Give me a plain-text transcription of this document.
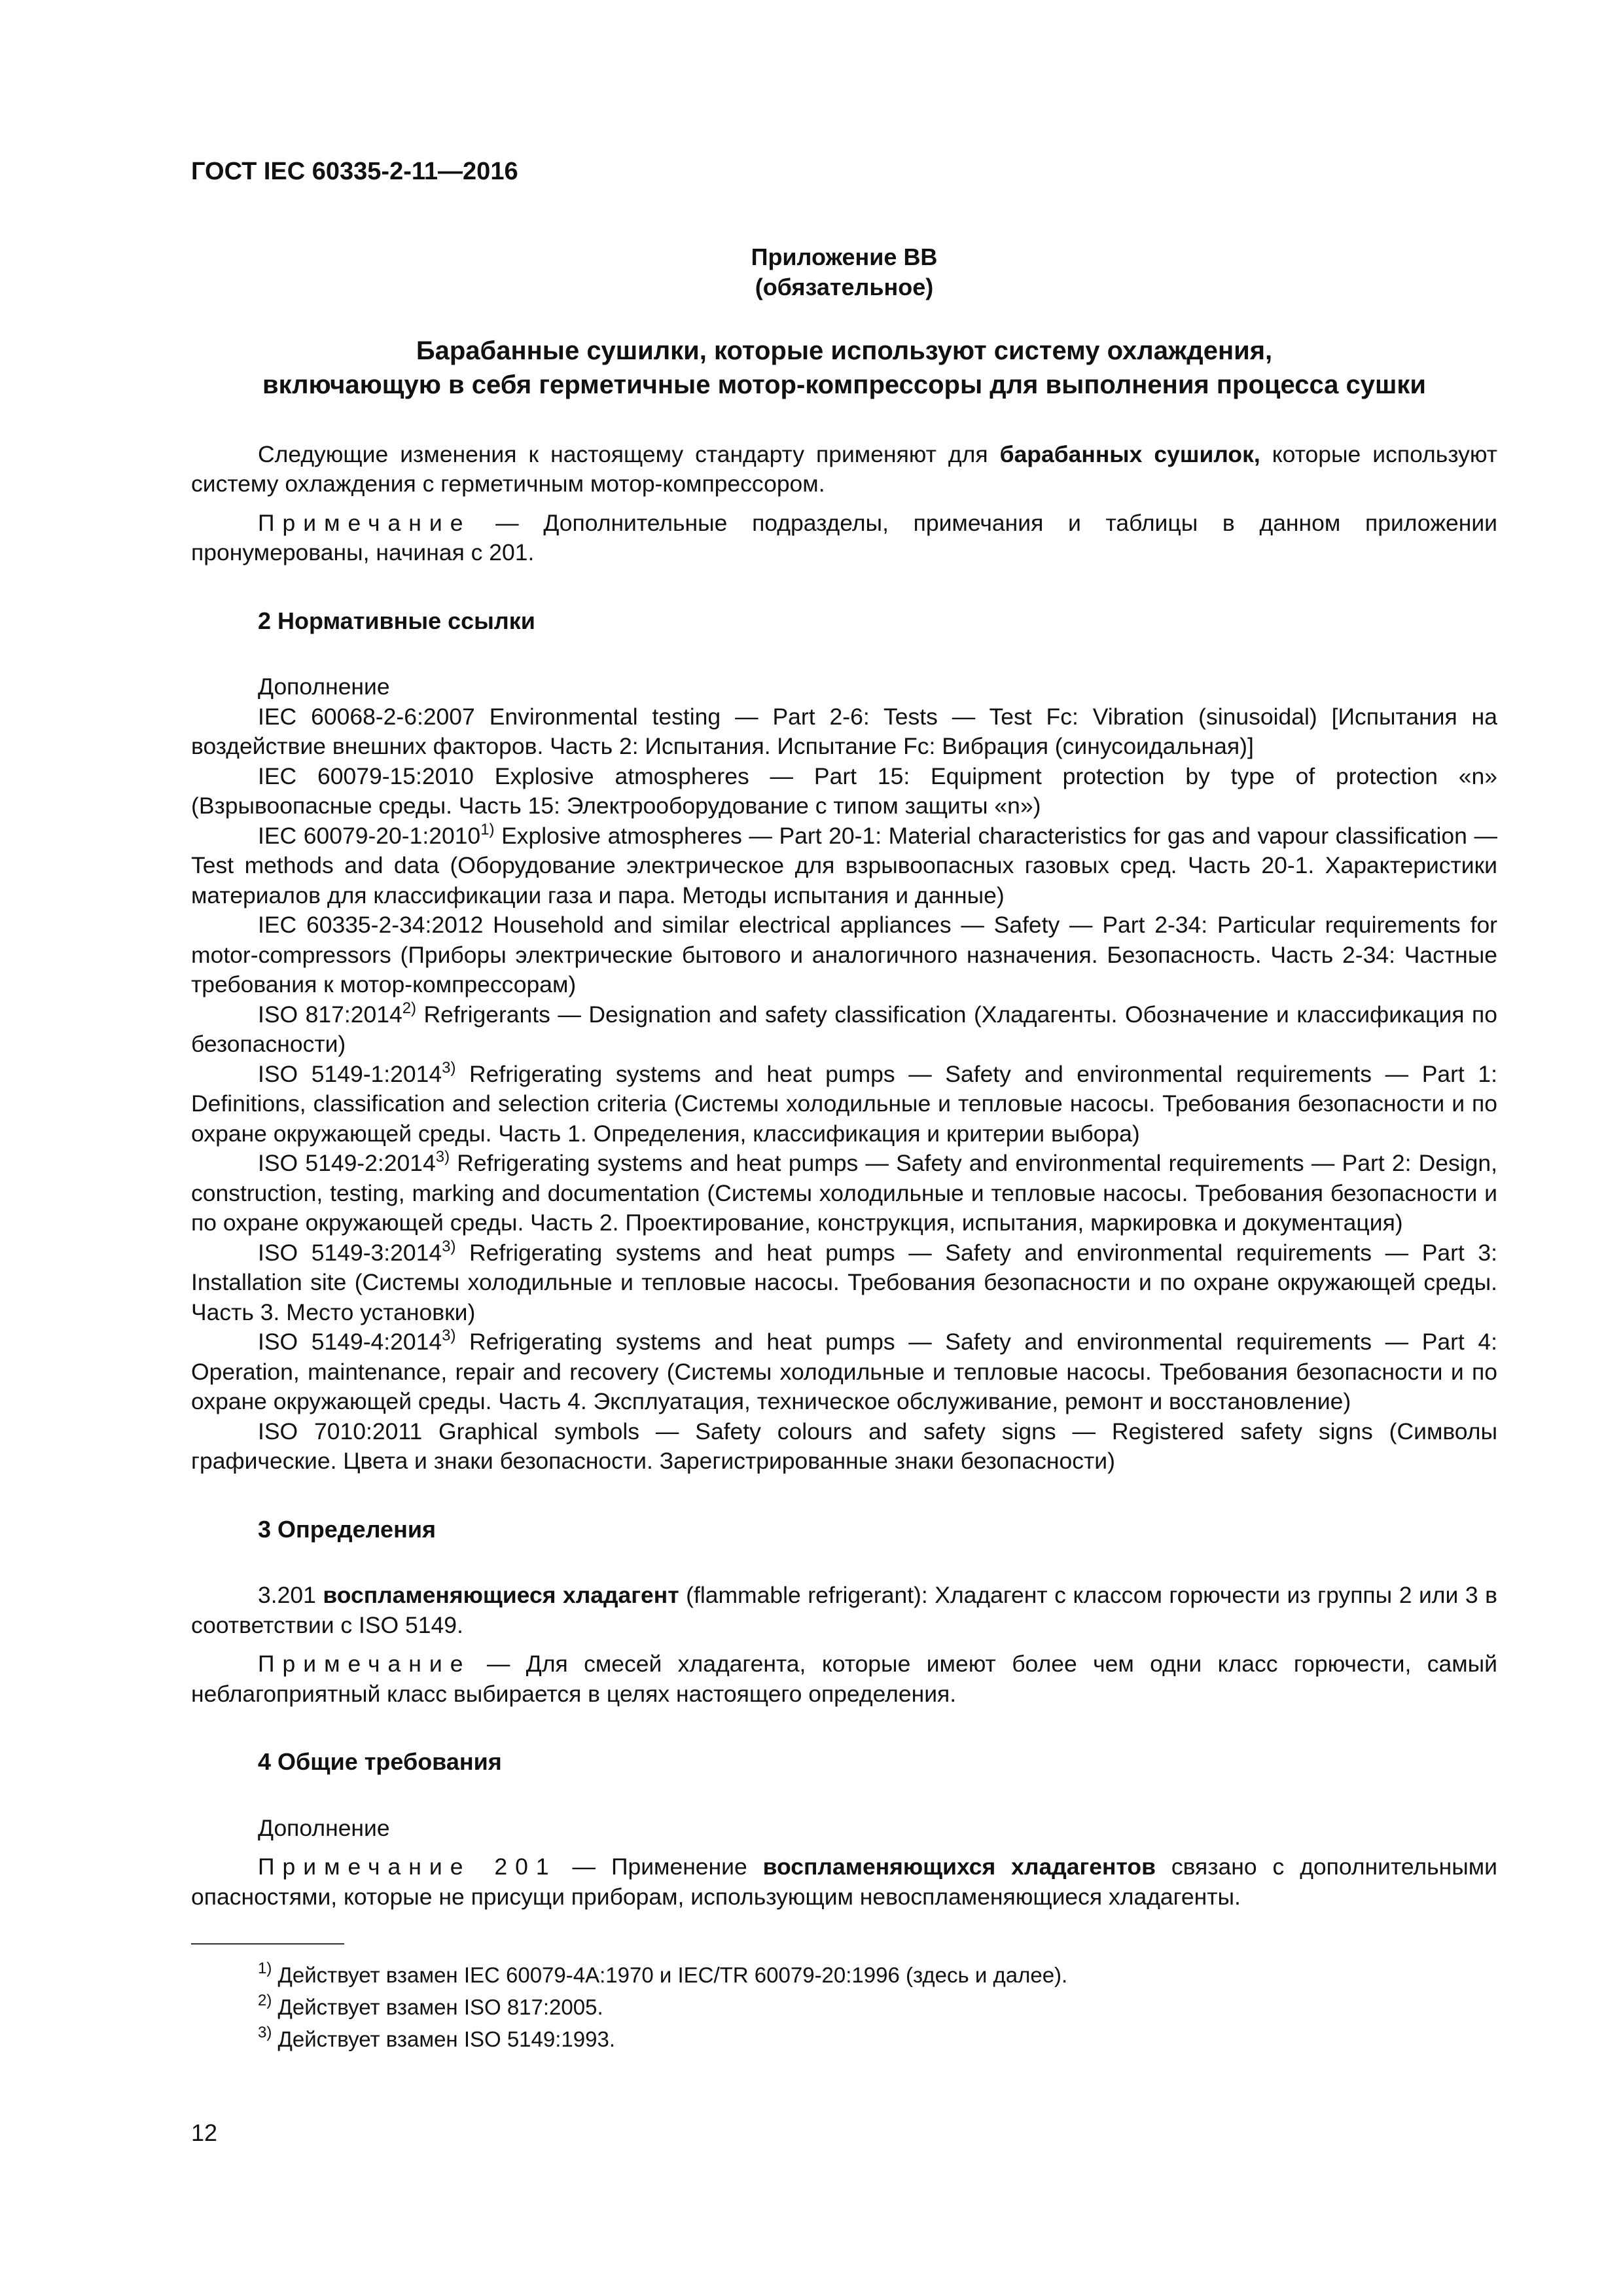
ГОСТ IEC 60335-2-11—2016
Приложение ВВ
(обязательное)
Барабанные сушилки, которые используют систему охлаждения,
включающую в себя герметичные мотор-компрессоры для выполнения процесса сушки

Следующие изменения к настоящему стандарту применяют для барабанных сушилок, которые используют систему охлаждения с герметичным мотор-компрессором.

Примечание — Дополнительные подразделы, примечания и таблицы в данном приложении пронумерованы, начиная с 201.

2 Нормативные ссылки

Дополнение

IEC 60068-2-6:2007 Environmental testing — Part 2-6: Tests — Test Fc: Vibration (sinusoidal) [Испытания на воздействие внешних факторов. Часть 2: Испытания. Испытание Fc: Вибрация (синусоидальная)]

IEC 60079-15:2010 Explosive atmospheres — Part 15: Equipment protection by type of protection «n» (Взрывоопасные среды. Часть 15: Электрооборудование с типом защиты «n»)

IEC 60079-20-1:2010$^{1)}$ Explosive atmospheres — Part 20-1: Material characteristics for gas and vapour classification — Test methods and data (Оборудование электрическое для взрывоопасных газовых сред. Часть 20-1. Характеристики материалов для классификации газа и пара. Методы испытания и данные)

IEC 60335-2-34:2012 Household and similar electrical appliances — Safety — Part 2-34: Particular requirements for motor-compressors (Приборы электрические бытового и аналогичного назначения. Безопасность. Часть 2-34: Частные требования к мотор-компрессорам)

ISO 817:2014$^{2)}$ Refrigerants — Designation and safety classification (Хладагенты. Обозначение и классификация по безопасности)

ISO 5149-1:2014$^{3)}$ Refrigerating systems and heat pumps — Safety and environmental requirements — Part 1: Definitions, classification and selection criteria (Системы холодильные и тепловые насосы. Требования безопасности и по охране окружающей среды. Часть 1. Определения, классификация и критерии выбора)

ISO 5149-2:2014$^{3)}$ Refrigerating systems and heat pumps — Safety and environmental requirements — Part 2: Design, construction, testing, marking and documentation (Системы холодильные и тепловые насосы. Требования безопасности и по охране окружающей среды. Часть 2. Проектирование, конструкция, испытания, маркировка и документация)

ISO 5149-3:2014$^{3)}$ Refrigerating systems and heat pumps — Safety and environmental requirements — Part 3: Installation site (Системы холодильные и тепловые насосы. Требования безопасности и по охране окружающей среды. Часть 3. Место установки)

ISO 5149-4:2014$^{3)}$ Refrigerating systems and heat pumps — Safety and environmental requirements — Part 4: Operation, maintenance, repair and recovery (Системы холодильные и тепловые насосы. Требования безопасности и по охране окружающей среды. Часть 4. Эксплуатация, техническое обслуживание, ремонт и восстановление)

ISO 7010:2011 Graphical symbols — Safety colours and safety signs — Registered safety signs (Символы графические. Цвета и знаки безопасности. Зарегистрированные знаки безопасности)

3 Определения

3.201 воспламеняющиеся хладагент (flammable refrigerant): Хладагент с классом горючести из группы 2 или 3 в соответствии с ISO 5149.

Примечание — Для смесей хладагента, которые имеют более чем одни класс горючести, самый неблагоприятный класс выбирается в целях настоящего определения.

4 Общие требования

Дополнение

Примечание 201 — Применение воспламеняющихся хладагентов связано с дополнительными опасностями, которые не присущи приборам, использующим невоспламеняющиеся хладагенты.

$^{1)}$ Действует взамен IEC 60079-4A:1970 и IEC/TR 60079-20:1996 (здесь и далее).

$^{2)}$ Действует взамен ISO 817:2005.

$^{3)}$ Действует взамен ISO 5149:1993.

12
